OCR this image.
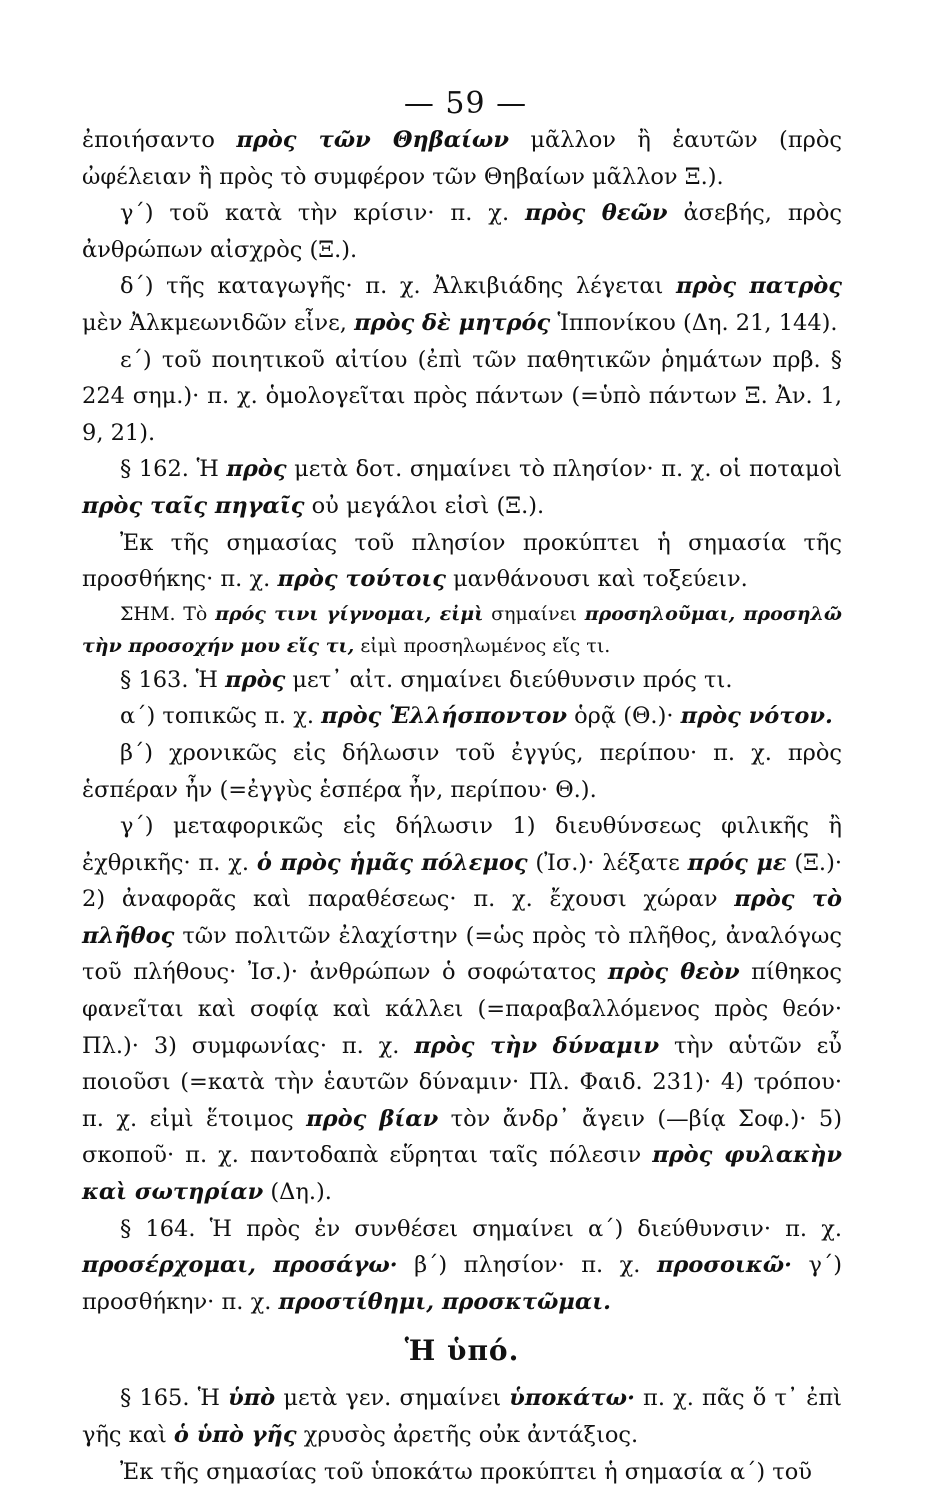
— 59 —

ἐποιήσαντο πρὸς τῶν Θηβαίων μᾶλλον ἢ ἑαυτῶν (πρὸς ὠφέλειαν ἢ πρὸς τὸ συμφέρον τῶν Θηβαίων μᾶλλον Ξ.).

γ΄) τοῦ κατὰ τὴν κρίσιν· π. χ. πρὸς θεῶν ἀσεβής, πρὸς ἀνθρώπων αἰσχρὸς (Ξ.).

δ΄) τῆς καταγωγῆς· π. χ. Ἀλκιβιάδης λέγεται πρὸς πατρὸς μὲν Ἀλκμεωνιδῶν εἶνε, πρὸς δὲ μητρός Ἱππονίκου (Δη. 21, 144).

ε΄) τοῦ ποιητικοῦ αἰτίου (ἐπὶ τῶν παθητικῶν ῥημάτων πρβ. § 224 σημ.)· π. χ. ὁμολογεῖται πρὸς πάντων (=ὑπὸ πάντων Ξ. Ἀν. 1, 9, 21).

§ 162. Ἡ πρὸς μετὰ δοτ. σημαίνει τὸ πλησίον· π. χ. οἱ ποταμοὶ πρὸς ταῖς πηγαῖς οὐ μεγάλοι εἰσὶ (Ξ.).

Ἐκ τῆς σημασίας τοῦ πλησίον προκύπτει ἡ σημασία τῆς προσθήκης· π. χ. πρὸς τούτοις μανθάνουσι καὶ τοξεύειν.

ΣΗΜ. Τὸ πρός τινι γίγνομαι, εἰμὶ σημαίνει προσηλοῦμαι, προσηλῶ τὴν προσοχήν μου εἴς τι, εἰμὶ προσηλωμένος εἴς τι.

§ 163. Ἡ πρὸς μετ᾽ αἰτ. σημαίνει διεύθυνσιν πρός τι.

α΄) τοπικῶς π. χ. πρὸς Ἑλλήσποντον ὁρᾷ (Θ.)· πρὸς νότον.

β΄) χρονικῶς εἰς δήλωσιν τοῦ ἐγγύς, περίπου· π. χ. πρὸς ἑσπέραν ἦν (=ἐγγὺς ἑσπέρα ἦν, περίπου· Θ.).

γ΄) μεταφορικῶς εἰς δήλωσιν 1) διευθύνσεως φιλικῆς ἢ ἐχθρικῆς· π. χ. ὁ πρὸς ἡμᾶς πόλεμος (Ἰσ.)· λέξατε πρός με (Ξ.)· 2) ἀναφορᾶς καὶ παραθέσεως· π. χ. ἔχουσι χώραν πρὸς τὸ πλῆθος τῶν πολιτῶν ἐλαχίστην (=ὡς πρὸς τὸ πλῆθος, ἀναλόγως τοῦ πλήθους· Ἰσ.)· ἀνθρώπων ὁ σοφώτατος πρὸς θεὸν πίθηκος φανεῖται καὶ σοφίᾳ καὶ κάλλει (=παραβαλλόμενος πρὸς θεόν· Πλ.)· 3) συμφωνίας· π. χ. πρὸς τὴν δύναμιν τὴν αὑτῶν εὖ ποιοῦσι (=κατὰ τὴν ἑαυτῶν δύναμιν· Πλ. Φαιδ. 231)· 4) τρόπου· π. χ. εἰμὶ ἕτοιμος πρὸς βίαν τὸν ἄνδρ᾽ ἄγειν (—βίᾳ Σοφ.)· 5) σκοποῦ· π. χ. παντοδαπὰ εὕρηται ταῖς πόλεσιν πρὸς φυλακὴν καὶ σωτηρίαν (Δη.).

§ 164. Ἡ πρὸς ἐν συνθέσει σημαίνει α΄) διεύθυνσιν· π. χ. προσέρχομαι, προσάγω· β΄) πλησίον· π. χ. προσοικῶ· γ΄) προσθήκην· π. χ. προστίθημι, προσκτῶμαι.

Ἡ ὑπό.

§ 165. Ἡ ὑπὸ μετὰ γεν. σημαίνει ὑποκάτω· π. χ. πᾶς ὅ τ᾽ ἐπὶ γῆς καὶ ὁ ὑπὸ γῆς χρυσὸς ἀρετῆς οὐκ ἀντάξιος.

Ἐκ τῆς σημασίας τοῦ ὑποκάτω προκύπτει ἡ σημασία α΄) τοῦ
